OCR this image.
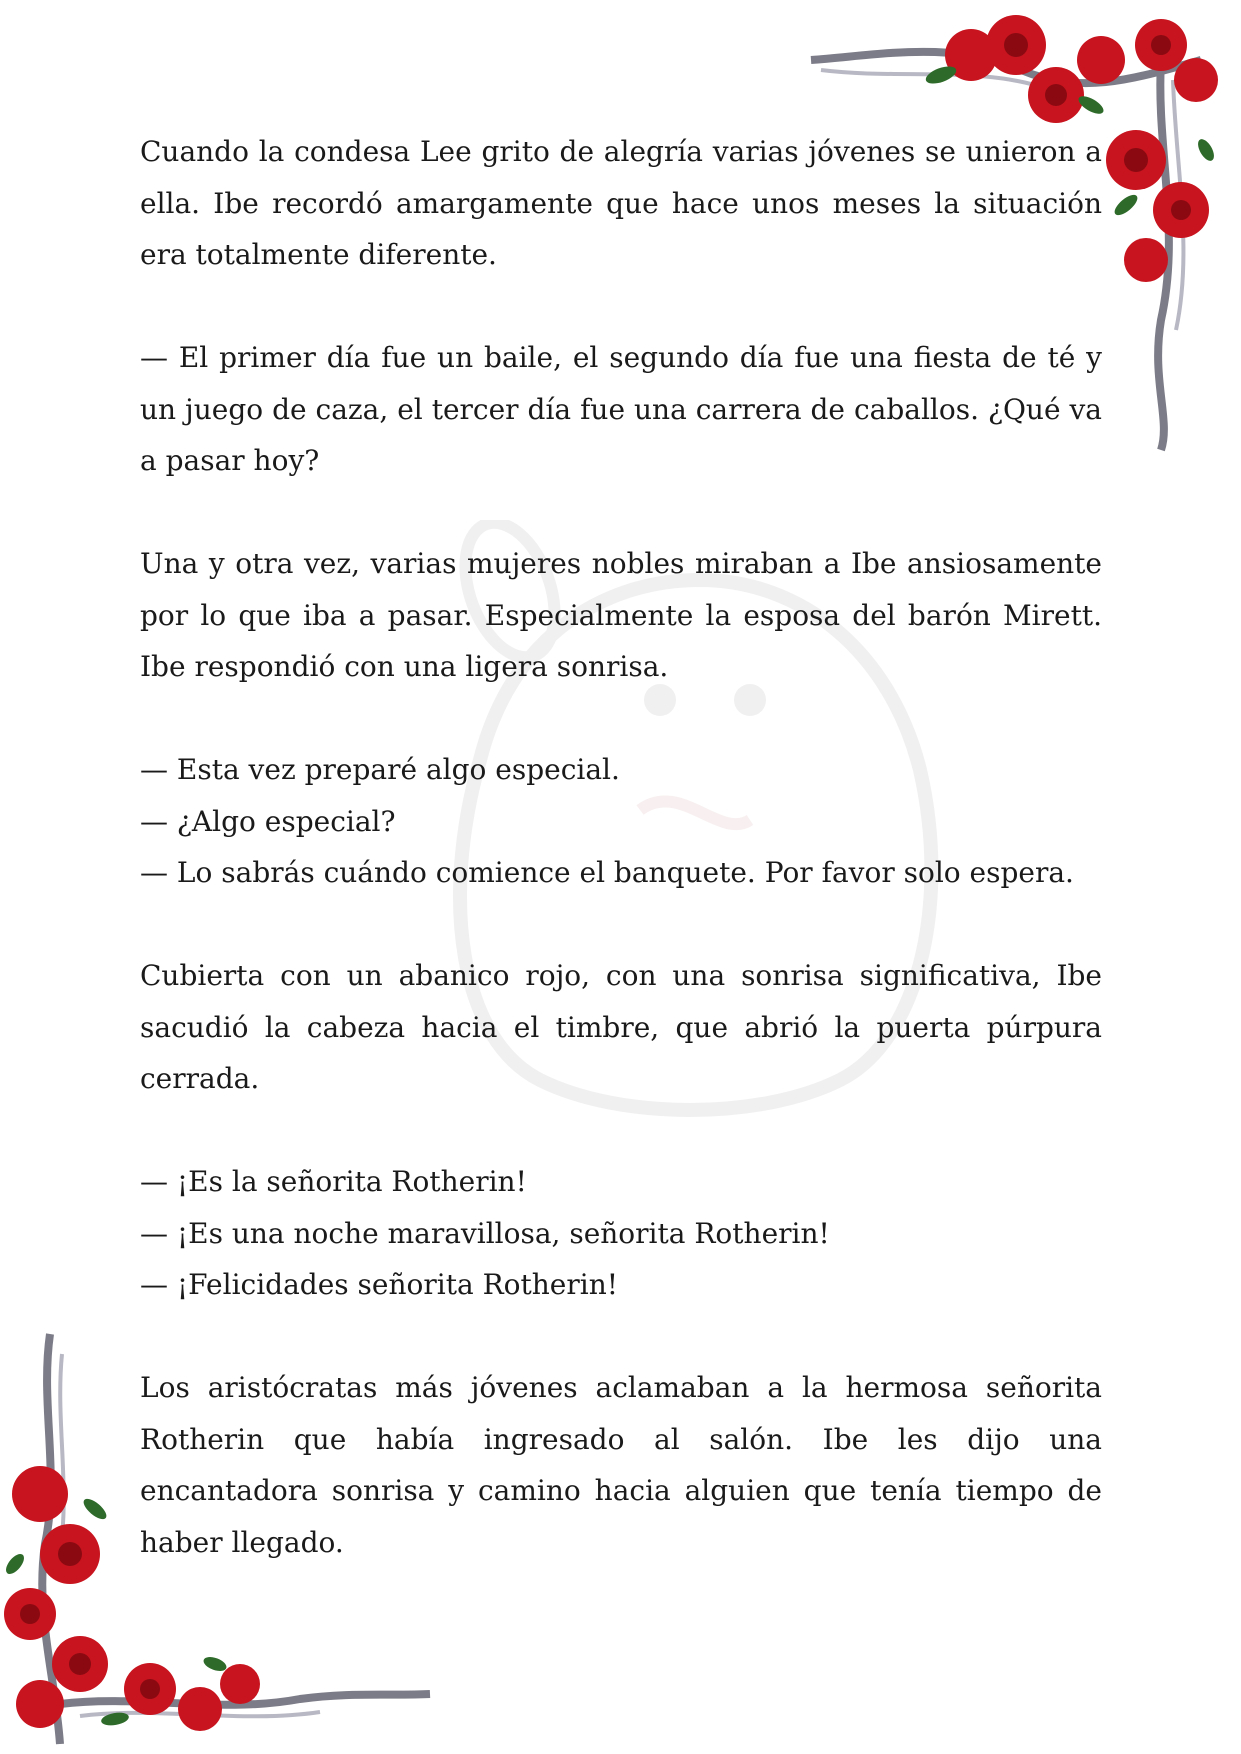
Cuando la condesa Lee grito de alegría varias jóvenes se unieron a ella. Ibe recordó amargamente que hace unos meses la situación era totalmente diferente.

— El primer día fue un baile, el segundo día fue una fiesta de té y un juego de caza, el tercer día fue una carrera de caballos. ¿Qué va a pasar hoy?

Una y otra vez, varias mujeres nobles miraban a Ibe ansiosamente por lo que iba a pasar. Especialmente la esposa del barón Mirett. Ibe respondió con una ligera sonrisa.

— Esta vez preparé algo especial.
— ¿Algo especial?
— Lo sabrás cuándo comience el banquete. Por favor solo espera.

Cubierta con un abanico rojo, con una sonrisa significativa, Ibe sacudió la cabeza hacia el timbre, que abrió la puerta púrpura cerrada.

— ¡Es la señorita Rotherin!
— ¡Es una noche maravillosa, señorita Rotherin!
— ¡Felicidades señorita Rotherin!

Los aristócratas más jóvenes aclamaban a la hermosa señorita Rotherin que había ingresado al salón. Ibe les dijo una encantadora sonrisa y camino hacia alguien que tenía tiempo de haber llegado.
